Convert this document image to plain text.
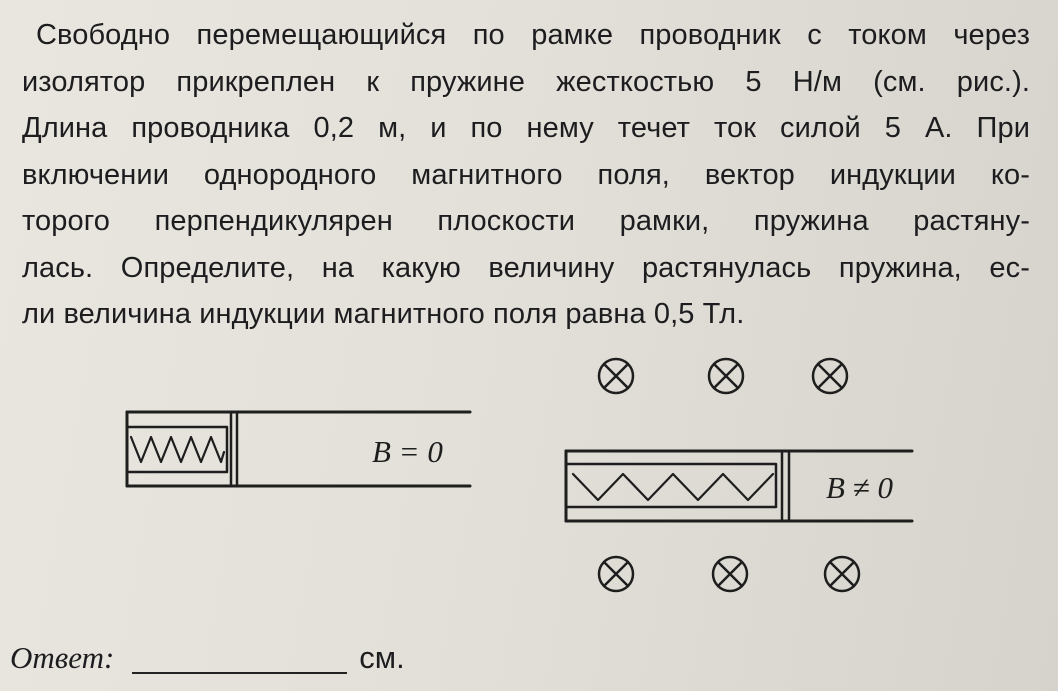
Свободно перемещающийся по рамке проводник с током через
изолятор прикреплен к пружине жесткостью 5 Н/м (см. рис.).
Длина проводника 0,2 м, и по нему течет ток силой 5 А. При
включении однородного магнитного поля, вектор индукции ко-
торого перпендикулярен плоскости рамки, пружина растяну-
лась. Определите, на какую величину растянулась пружина, ес-
ли величина индукции магнитного поля равна 0,5 Тл.
B = 0
B ≠ 0
Ответ:	см.
